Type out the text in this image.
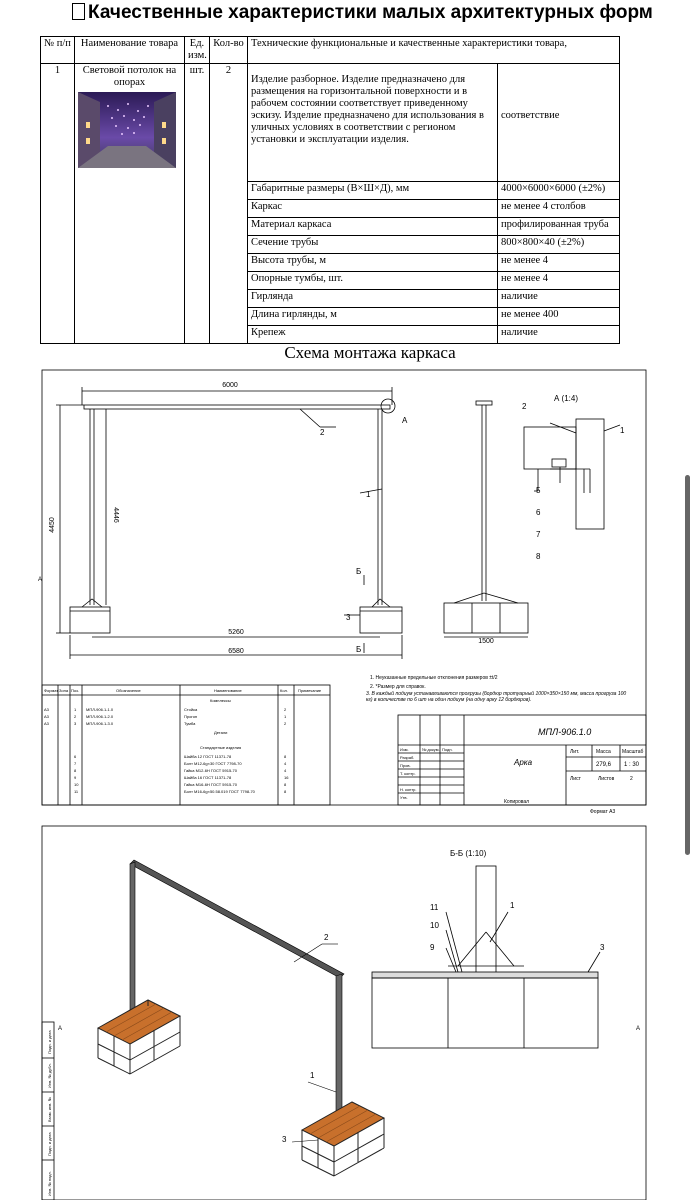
Качественные характеристики малых архитектурных форм
№ п/п	Наименование товара	Ед. изм.	Кол-во	Технические функциональные и качественные характеристики товара,	
1	Световой потолок на опорах	шт.	2	Изделие разборное. Изделие предназначено для размещения на горизонтальной поверхности и в рабочем состоянии соответствует приведенному эскизу. Изделие предназначено для использования в уличных условиях в соответствии с регионом установки и эксплуатации изделия.	соответствие
				Габаритные размеры (В×Ш×Д), мм	4000×6000×6000 (±2%)
				Каркас	не менее 4 столбов
				Материал каркаса	профилированная труба
				Сечение трубы	800×800×40 (±2%)
				Высота трубы, м	не менее 4
				Опорные тумбы, шт.	не менее 4
				Гирлянда	наличие
				Длина гирлянды, м	не менее 400
				Крепеж	наличие
Схема монтажа каркаса
6000
4450
4446
5260
6580
1500
А (1:4)
А
Б
Б
2
1
3
2
1
5
6
7
8
А
1. Неуказанные предельные отклонения размеров ±t/2
2. *Размер для справок.
3. В каждый подиум устанавливаются прогрузы (бордюр тротуарный 1000×350×150 мм, масса прогруза 100 кг) в количестве по 6 шт на один подиум (на одну арку 12 бордюров).
МПЛ-906.1.0
Арка
Лит.	Масса Масштаб
279,6 1 : 30
Лист	Листов	2
Копировал
Формат А3
Изм.	№ докум. Подп.
Разраб.
Пров.
Т. контр.
Н. контр.
Утв.
Формат Зона Поз.	Обозначение	Наименование	Кол.	Примечание
Комплексы
А3	1 МПЛ-906.1-1.0	Стойка	2
А3	2 МПЛ-906.1-2.0	Прогон	1
А3	3 МПЛ-906.1-3.0	Тумба	2
Детали
Стандартные изделия
6	Шайба 12 ГОСТ 11371-78	8
7	Болт М12-6g×30 ГОСТ 7798-70	4
8	Гайка М12-6Н ГОСТ 5915-70	4
9	Шайба 16 ГОСТ 11371-78	16
10	Гайка М16-6Н ГОСТ 5915-70	8
11	Болт М16-6g×50.58.019 ГОСТ 7798-70	8
2
1
3
Б-Б (1:10)
11
10
9
1
3
А	А
Подп. и дата
Инв. № дубл.
Взам. инв. №
Подп. и дата
Инв. № подл.
